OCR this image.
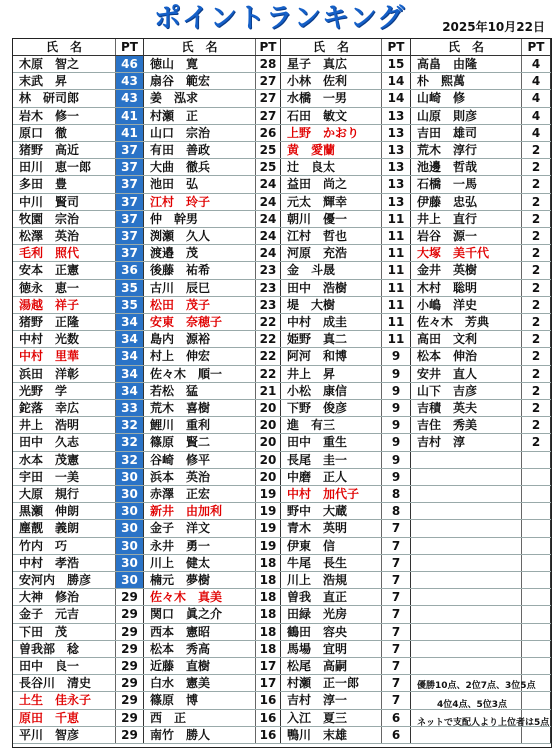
ポイントランキング	2025年10月22日
氏　名	PT
木原　智之	46
末武　昇	43
林　研司郎	43
岩木　修一	41
原口　徹	41
猪野　高近	37
田川　恵一郎	37
多田　豊	37
中川　賢司	37
牧園　宗治	37
松澤　英治	37
毛利　照代	37
安本　正憲	36
徳永　恵一	35
湯越　祥子	35
猪野　正隆	34
中村　光数	34
中村　里華	34
浜田　洋彰	34
光野　学	34
鉈落　幸広	33
井上　浩明	32
田中　久志	32
水本　茂憲	32
宇田　一美	30
大原　規行	30
黒瀬　伸朗	30
塵靓　義朗	30
竹内　巧	30
中村　孝浩	30
安河内　勝彦	30
大神　修治	29
金子　元吉	29
下田　茂	29
曽我部　稔	29
田中　良一	29
長谷川　清史	29
土生　佳永子	29
原田　千恵	29
平川　智彦	29
氏　名	PT
徳山　寛	28
扇谷　範宏	27
姜　泓求	27
村瀬　正	27
山口　宗治	26
有田　善政	25
大曲　徹兵	25
池田　弘	24
江村　玲子	24
仲　幹男	24
渕瀬　久人	24
渡邉　茂	24
後藤　祐希	23
古川　辰巳	23
松田　茂子	23
安東　奈穂子	22
島内　源裕	22
村上　伸宏	22
佐々木　順一	22
若松　猛	21
荒木　喜樹	20
鯉川　重利	20
篠原　賢二	20
谷崎　修平	20
浜本　英治	20
赤澤　正宏	19
新井　由加利	19
金子　洋文	19
永井　勇一	19
川上　健太	18
楠元　夢樹	18
佐々木　真美	18
関口　眞之介	18
西本　憲昭	18
松本　秀高	18
近藤　直樹	17
白水　憲美	17
篠原　博	16
西　正	16
南竹　勝人	16
氏　名	PT
星子　真広	15
小林　佐利	14
水橋　一男	14
石田　敏文	13
上野　かおり	13
黄　愛蘭	13
辻　良太	13
益田　尚之	13
元太　輝幸	13
朝川　優一	11
江村　哲也	11
河原　充浩	11
金　斗晟	11
田中　浩樹	11
堤　大樹	11
中村　成圭	11
姫野　真二	11
阿河　和博	9
井上　昇	9
小松　康信	9
下野　俊彦	9
進　有三	9
田中　重生	9
長尾　圭一	9
中磨　正人	9
中村　加代子	8
野中　大蔵	8
青木　英明	7
伊東　信	7
牛尾　長生	7
川上　浩規	7
曽我　直正	7
田緑　光房	7
鶴田　容央	7
馬場　宜明	7
松尾　高嗣	7
村瀬　正一郎	7
吉村　淳一	7
入江　夏三	6
鴨川　末雄	6
氏　名	PT
高畠　由隆	4
朴　熙萬	4
山崎　修	4
山原　則彦	4
吉田　雄司	4
荒木　淳行	2
池邊　哲哉	2
石橋　一馬	2
伊藤　忠弘	2
井上　直行	2
岩谷　源一	2
大塚　美千代	2
金井　英樹	2
木村　聡明	2
小嶋　洋史	2
佐々木　芳典	2
高田　文利	2
松本　伸治	2
安井　直人	2
山下　吉彦	2
吉積　英夫	2
吉住　秀美	2
吉村　淳	2
優勝10点、2位7点、3位5点
4位4点、5位3点
ネットで支配人より上位者は5点
